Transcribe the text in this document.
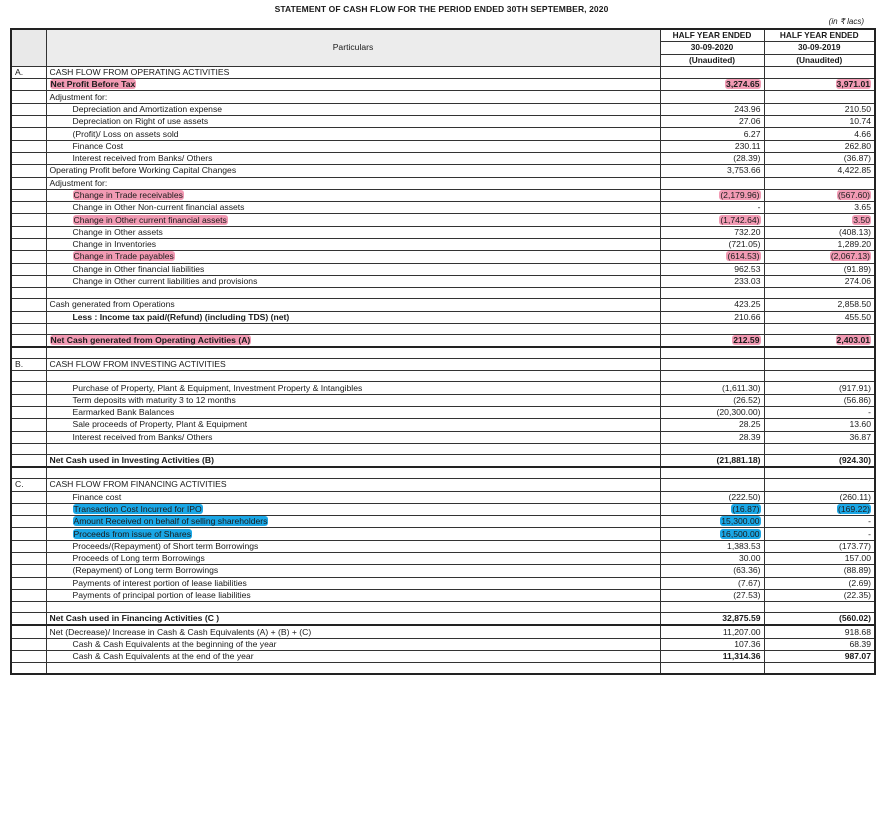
STATEMENT OF CASH FLOW FOR THE PERIOD ENDED 30TH SEPTEMBER, 2020
(in ₹ lacs)
	Particulars	HALF YEAR ENDED	HALF YEAR ENDED
		30-09-2020	30-09-2019
		(Unaudited)	(Unaudited)
A.	CASH FLOW FROM OPERATING ACTIVITIES		
	Net Profit Before Tax	3,274.65	3,971.01
	Adjustment for:		
	Depreciation and Amortization expense	243.96	210.50
	Depreciation on Right of use assets	27.06	10.74
	(Profit)/ Loss on assets sold	6.27	4.66
	Finance Cost	230.11	262.80
	Interest received from Banks/ Others	(28.39)	(36.87)
	Operating Profit before Working Capital Changes	3,753.66	4,422.85
	Adjustment for:		
	Change in Trade receivables	(2,179.96)	(567.60)
	Change in Other Non-current financial assets	-	3.65
	Change in Other current financial assets	(1,742.64)	3.50
	Change in Other assets	732.20	(408.13)
	Change in Inventories	(721.05)	1,289.20
	Change in Trade payables	(614.53)	(2,067.13)
	Change in Other financial liabilities	962.53	(91.89)
	Change in Other current liabilities and provisions	233.03	274.06

	Cash generated from Operations	423.25	2,858.50
	Less : Income tax paid/(Refund) (including TDS) (net)	210.66	455.50

	Net Cash generated from Operating Activities (A)	212.59	2,403.01

B.	CASH FLOW FROM INVESTING ACTIVITIES		

	Purchase of Property, Plant & Equipment, Investment Property & Intangibles	(1,611.30)	(917.91)
	Term deposits with maturity 3 to 12 months	(26.52)	(56.86)
	Earmarked Bank Balances	(20,300.00)	-
	Sale proceeds of Property, Plant & Equipment	28.25	13.60
	Interest received from Banks/ Others	28.39	36.87

	Net Cash used in Investing Activities (B)	(21,881.18)	(924.30)

C.	CASH FLOW FROM FINANCING ACTIVITIES		
	Finance cost	(222.50)	(260.11)
	Transaction Cost Incurred for IPO	(16.87)	(169.22)
	Amount Received on behalf of selling shareholders	15,300.00	-
	Proceeds from issue of Shares	16,500.00	-
	Proceeds/(Repayment) of Short term Borrowings	1,383.53	(173.77)
	Proceeds of Long term Borrowings	30.00	157.00
	(Repayment) of Long term Borrowings	(63.36)	(88.89)
	Payments of interest portion of lease liabilities	(7.67)	(2.69)
	Payments of principal portion of lease liabilities	(27.53)	(22.35)

	Net Cash used in Financing Activities (C )	32,875.59	(560.02)
	Net (Decrease)/ Increase in Cash & Cash Equivalents (A) + (B) + (C)	11,207.00	918.68
	Cash & Cash Equivalents at the beginning of the year	107.36	68.39
	Cash & Cash Equivalents at the end of the year	11,314.36	987.07
